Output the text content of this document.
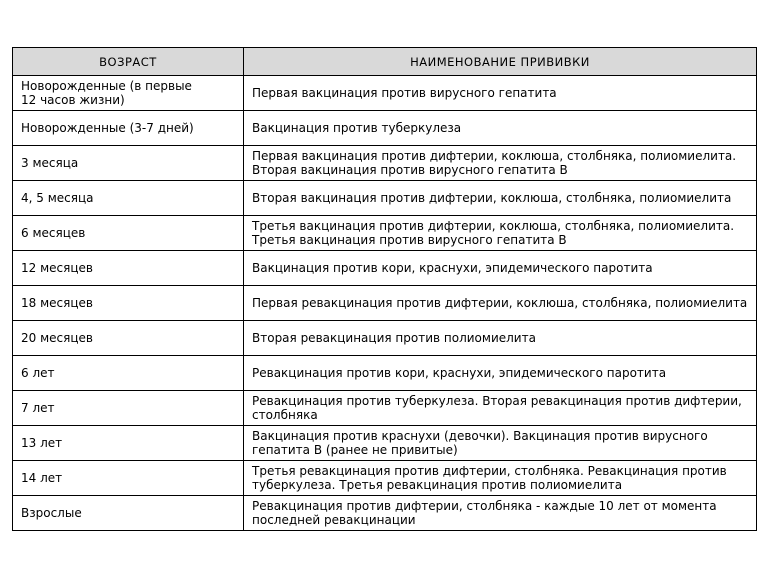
ВОЗРАСТ	НАИМЕНОВАНИЕ ПРИВИВКИ
Новорожденные (в первые 12 часов жизни)	Первая вакцинация против вирусного гепатита
Новорожденные (3-7 дней)	Вакцинация против туберкулеза
3 месяца	Первая вакцинация против дифтерии, коклюша, столбняка, полиомиелита. Вторая вакцинация против вирусного гепатита В
4, 5 месяца	Вторая вакцинация против дифтерии, коклюша, столбняка, полиомиелита
6 месяцев	Третья вакцинация против дифтерии, коклюша, столбняка, полиомиелита. Третья вакцинация против вирусного гепатита В
12 месяцев	Вакцинация против кори, краснухи, эпидемического паротита
18 месяцев	Первая ревакцинация против дифтерии, коклюша, столбняка, полиомиелита
20 месяцев	Вторая ревакцинация против полиомиелита
6 лет	Ревакцинация против кори, краснухи, эпидемического паротита
7 лет	Ревакцинация против туберкулеза. Вторая ревакцинация против дифтерии, столбняка
13 лет	Вакцинация против краснухи (девочки). Вакцинация против вирусного гепатита В (ранее не привитые)
14 лет	Третья ревакцинация против дифтерии, столбняка. Ревакцинация против туберкулеза. Третья ревакцинация против полиомиелита
Взрослые	Ревакцинация против дифтерии, столбняка - каждые 10 лет от момента последней ревакцинации
